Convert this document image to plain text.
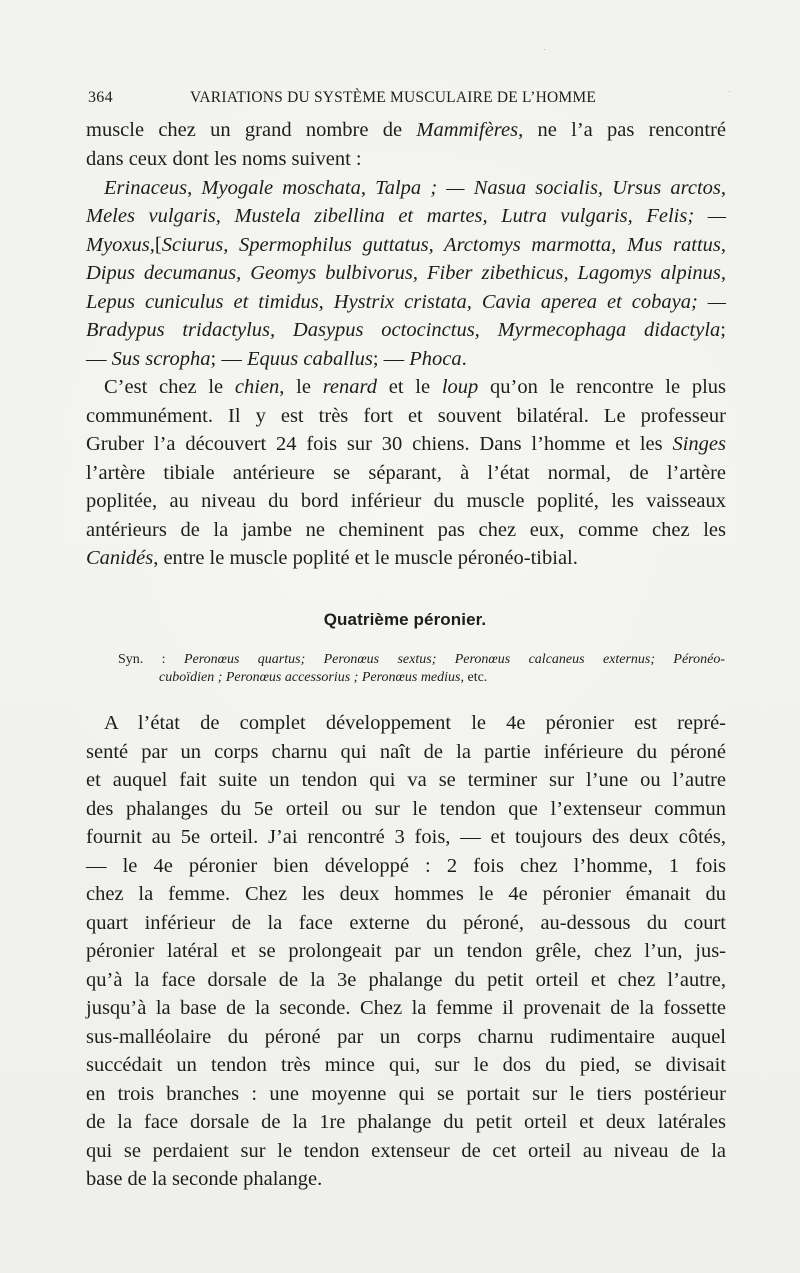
364	VARIATIONS DU SYSTÈME MUSCULAIRE DE L’HOMME
muscle chez un grand nombre de Mammifères, ne l’a pas rencontré
dans ceux dont les noms suivent :
Erinaceus, Myogale moschata, Talpa ; — Nasua socialis, Ursus arctos,
Meles vulgaris, Mustela zibellina et martes, Lutra vulgaris, Felis; —
Myoxus,[Sciurus, Spermophilus guttatus, Arctomys marmotta, Mus rattus,
Dipus decumanus, Geomys bulbivorus, Fiber zibethicus, Lagomys alpinus,
Lepus cuniculus et timidus, Hystrix cristata, Cavia aperea et cobaya; —
Bradypus tridactylus, Dasypus octocinctus, Myrmecophaga didactyla;
— Sus scropha; — Equus caballus; — Phoca.
C’est chez le chien, le renard et le loup qu’on le rencontre le plus
communément. Il y est très fort et souvent bilatéral. Le professeur
Gruber l’a découvert 24 fois sur 30 chiens. Dans l’homme et les Singes
l’artère tibiale antérieure se séparant, à l’état normal, de l’artère
poplitée, au niveau du bord inférieur du muscle poplité, les vaisseaux
antérieurs de la jambe ne cheminent pas chez eux, comme chez les
Canidés, entre le muscle poplité et le muscle péronéo-tibial.
Quatrième péronier.
Syn. : Peronœus quartus; Peronœus sextus; Peronœus calcaneus externus; Péronéo-
cuboïdien ; Peronœus accessorius ; Peronœus medius, etc.
A l’état de complet développement le 4e péronier est repré-
senté par un corps charnu qui naît de la partie inférieure du péroné
et auquel fait suite un tendon qui va se terminer sur l’une ou l’autre
des phalanges du 5e orteil ou sur le tendon que l’extenseur commun
fournit au 5e orteil. J’ai rencontré 3 fois, — et toujours des deux côtés,
— le 4e péronier bien développé : 2 fois chez l’homme, 1 fois
chez la femme. Chez les deux hommes le 4e péronier émanait du
quart inférieur de la face externe du péroné, au-dessous du court
péronier latéral et se prolongeait par un tendon grêle, chez l’un, jus-
qu’à la face dorsale de la 3e phalange du petit orteil et chez l’autre,
jusqu’à la base de la seconde. Chez la femme il provenait de la fossette
sus-malléolaire du péroné par un corps charnu rudimentaire auquel
succédait un tendon très mince qui, sur le dos du pied, se divisait
en trois branches : une moyenne qui se portait sur le tiers postérieur
de la face dorsale de la 1re phalange du petit orteil et deux latérales
qui se perdaient sur le tendon extenseur de cet orteil au niveau de la
base de la seconde phalange.
